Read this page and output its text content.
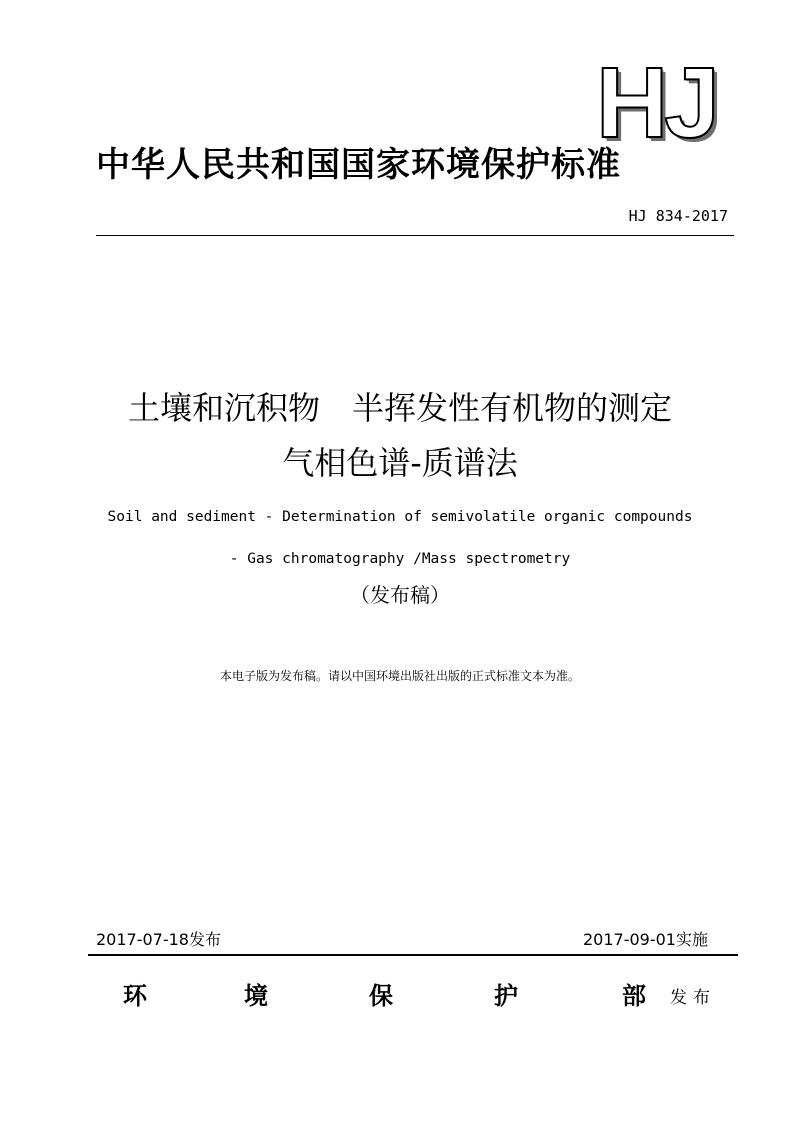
HJ
中华人民共和国国家环境保护标准
HJ 834-2017
土壤和沉积物　半挥发性有机物的测定
气相色谱-质谱法
Soil and sediment - Determination of semivolatile organic compounds
- Gas chromatography /Mass spectrometry
（发布稿）
本电子版为发布稿。请以中国环境出版社出版的正式标准文本为准。
2017-07-18发布	2017-09-01实施
环	境	保	护	部 发布
